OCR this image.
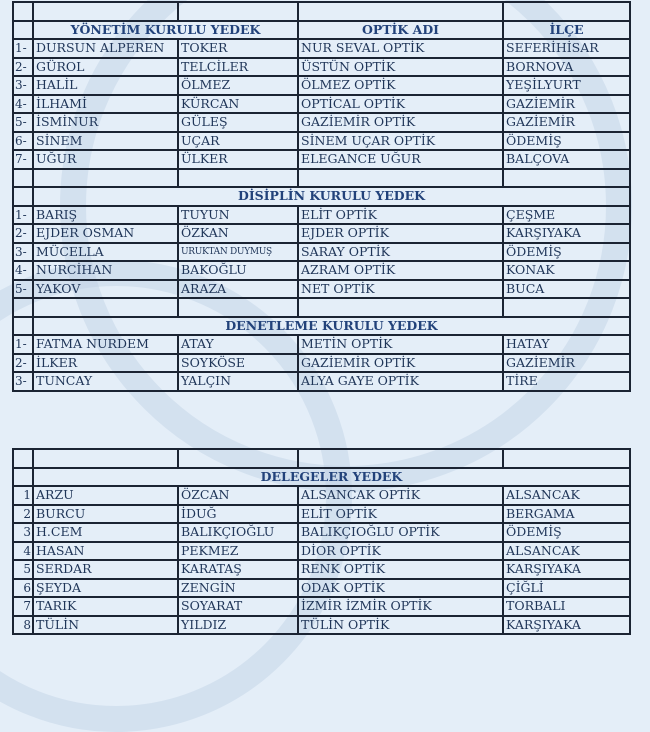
	YÖNETİM KURULU YEDEK		OPTİK ADI	İLÇE
1-	DURSUN ALPEREN	TOKER	NUR SEVAL OPTİK	SEFERİHİSAR
2-	GÜROL	TELCİLER	ÜSTÜN OPTİK	BORNOVA
3-	HALİL	ÖLMEZ	ÖLMEZ OPTİK	YEŞİLYURT
4-	İLHAMİ	KÜRCAN	OPTİCAL OPTİK	GAZİEMİR
5-	İSMİNUR	GÜLEŞ	GAZİEMİR OPTİK	GAZİEMİR
6-	SİNEM	UÇAR	SİNEM UÇAR OPTİK	ÖDEMİŞ
7-	UĞUR	ÜLKER	ELEGANCE UĞUR	BALÇOVA

	DİSİPLİN KURULU YEDEK			
1-	BARIŞ	TUYUN	ELİT OPTİK	ÇEŞME
2-	EJDER OSMAN	ÖZKAN	EJDER OPTİK	KARŞIYAKA
3-	MÜCELLA	URUKTAN DUYMUŞ	SARAY OPTİK	ÖDEMİŞ
4-	NURCİHAN	BAKOĞLU	AZRAM OPTİK	KONAK
5-	YAKOV	ARAZA	NET OPTİK	BUCA

	DENETLEME KURULU YEDEK			
1-	FATMA NURDEM	ATAY	METİN OPTİK	HATAY
2-	İLKER	SOYKÖSE	GAZİEMİR OPTİK	GAZİEMİR
3-	TUNCAY	YALÇIN	ALYA GAYE OPTİK	TİRE

	DELEGELER YEDEK			
1	ARZU	ÖZCAN	ALSANCAK OPTİK	ALSANCAK
2	BURCU	İDUĞ	ELİT OPTİK	BERGAMA
3	H.CEM	BALIKÇIOĞLU	BALIKÇIOĞLU OPTİK	ÖDEMİŞ
4	HASAN	PEKMEZ	DİOR OPTİK	ALSANCAK
5	SERDAR	KARATAŞ	RENK OPTİK	KARŞIYAKA
6	ŞEYDA	ZENGİN	ODAK OPTİK	ÇİĞLİ
7	TARIK	SOYARAT	İZMİR İZMİR OPTİK	TORBALI
8	TÜLİN	YILDIZ	TÜLİN OPTİK	KARŞIYAKA
